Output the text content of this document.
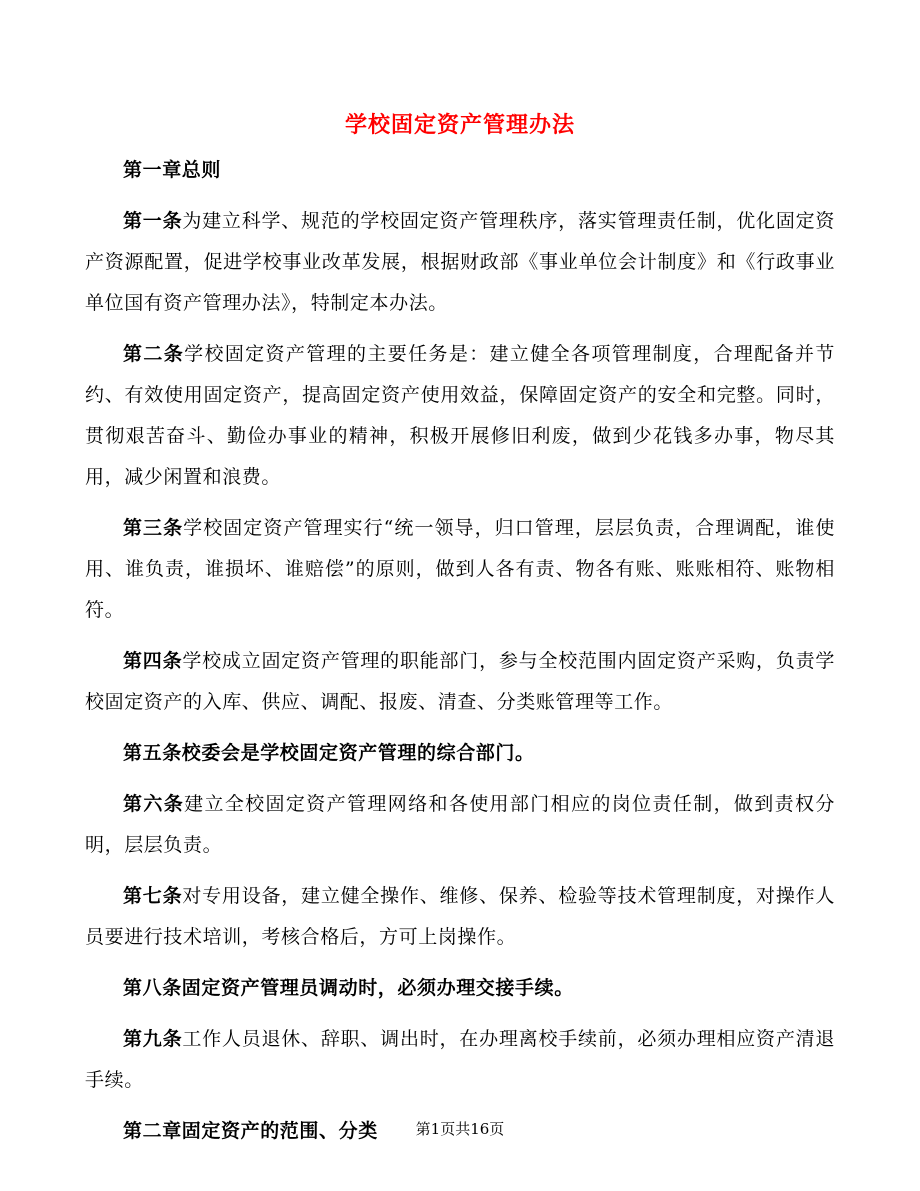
学校固定资产管理办法

第一章总则

第一条为建立科学、规范的学校固定资产管理秩序，落实管理责任制，优化固定资产资源配置，促进学校事业改革发展，根据财政部《事业单位会计制度》和《行政事业单位国有资产管理办法》，特制定本办法。

第二条学校固定资产管理的主要任务是：建立健全各项管理制度，合理配备并节约、有效使用固定资产，提高固定资产使用效益，保障固定资产的安全和完整。同时，贯彻艰苦奋斗、勤俭办事业的精神，积极开展修旧利废，做到少花钱多办事，物尽其用，减少闲置和浪费。

第三条学校固定资产管理实行“统一领导，归口管理，层层负责，合理调配，谁使用、谁负责，谁损坏、谁赔偿”的原则，做到人各有责、物各有账、账账相符、账物相符。

第四条学校成立固定资产管理的职能部门，参与全校范围内固定资产采购，负责学校固定资产的入库、供应、调配、报废、清查、分类账管理等工作。

第五条校委会是学校固定资产管理的综合部门。

第六条建立全校固定资产管理网络和各使用部门相应的岗位责任制，做到责权分明，层层负责。

第七条对专用设备，建立健全操作、维修、保养、检验等技术管理制度，对操作人员要进行技术培训，考核合格后，方可上岗操作。

第八条固定资产管理员调动时，必须办理交接手续。

第九条工作人员退休、辞职、调出时，在办理离校手续前，必须办理相应资产清退手续。

第二章固定资产的范围、分类	第1页共16页
